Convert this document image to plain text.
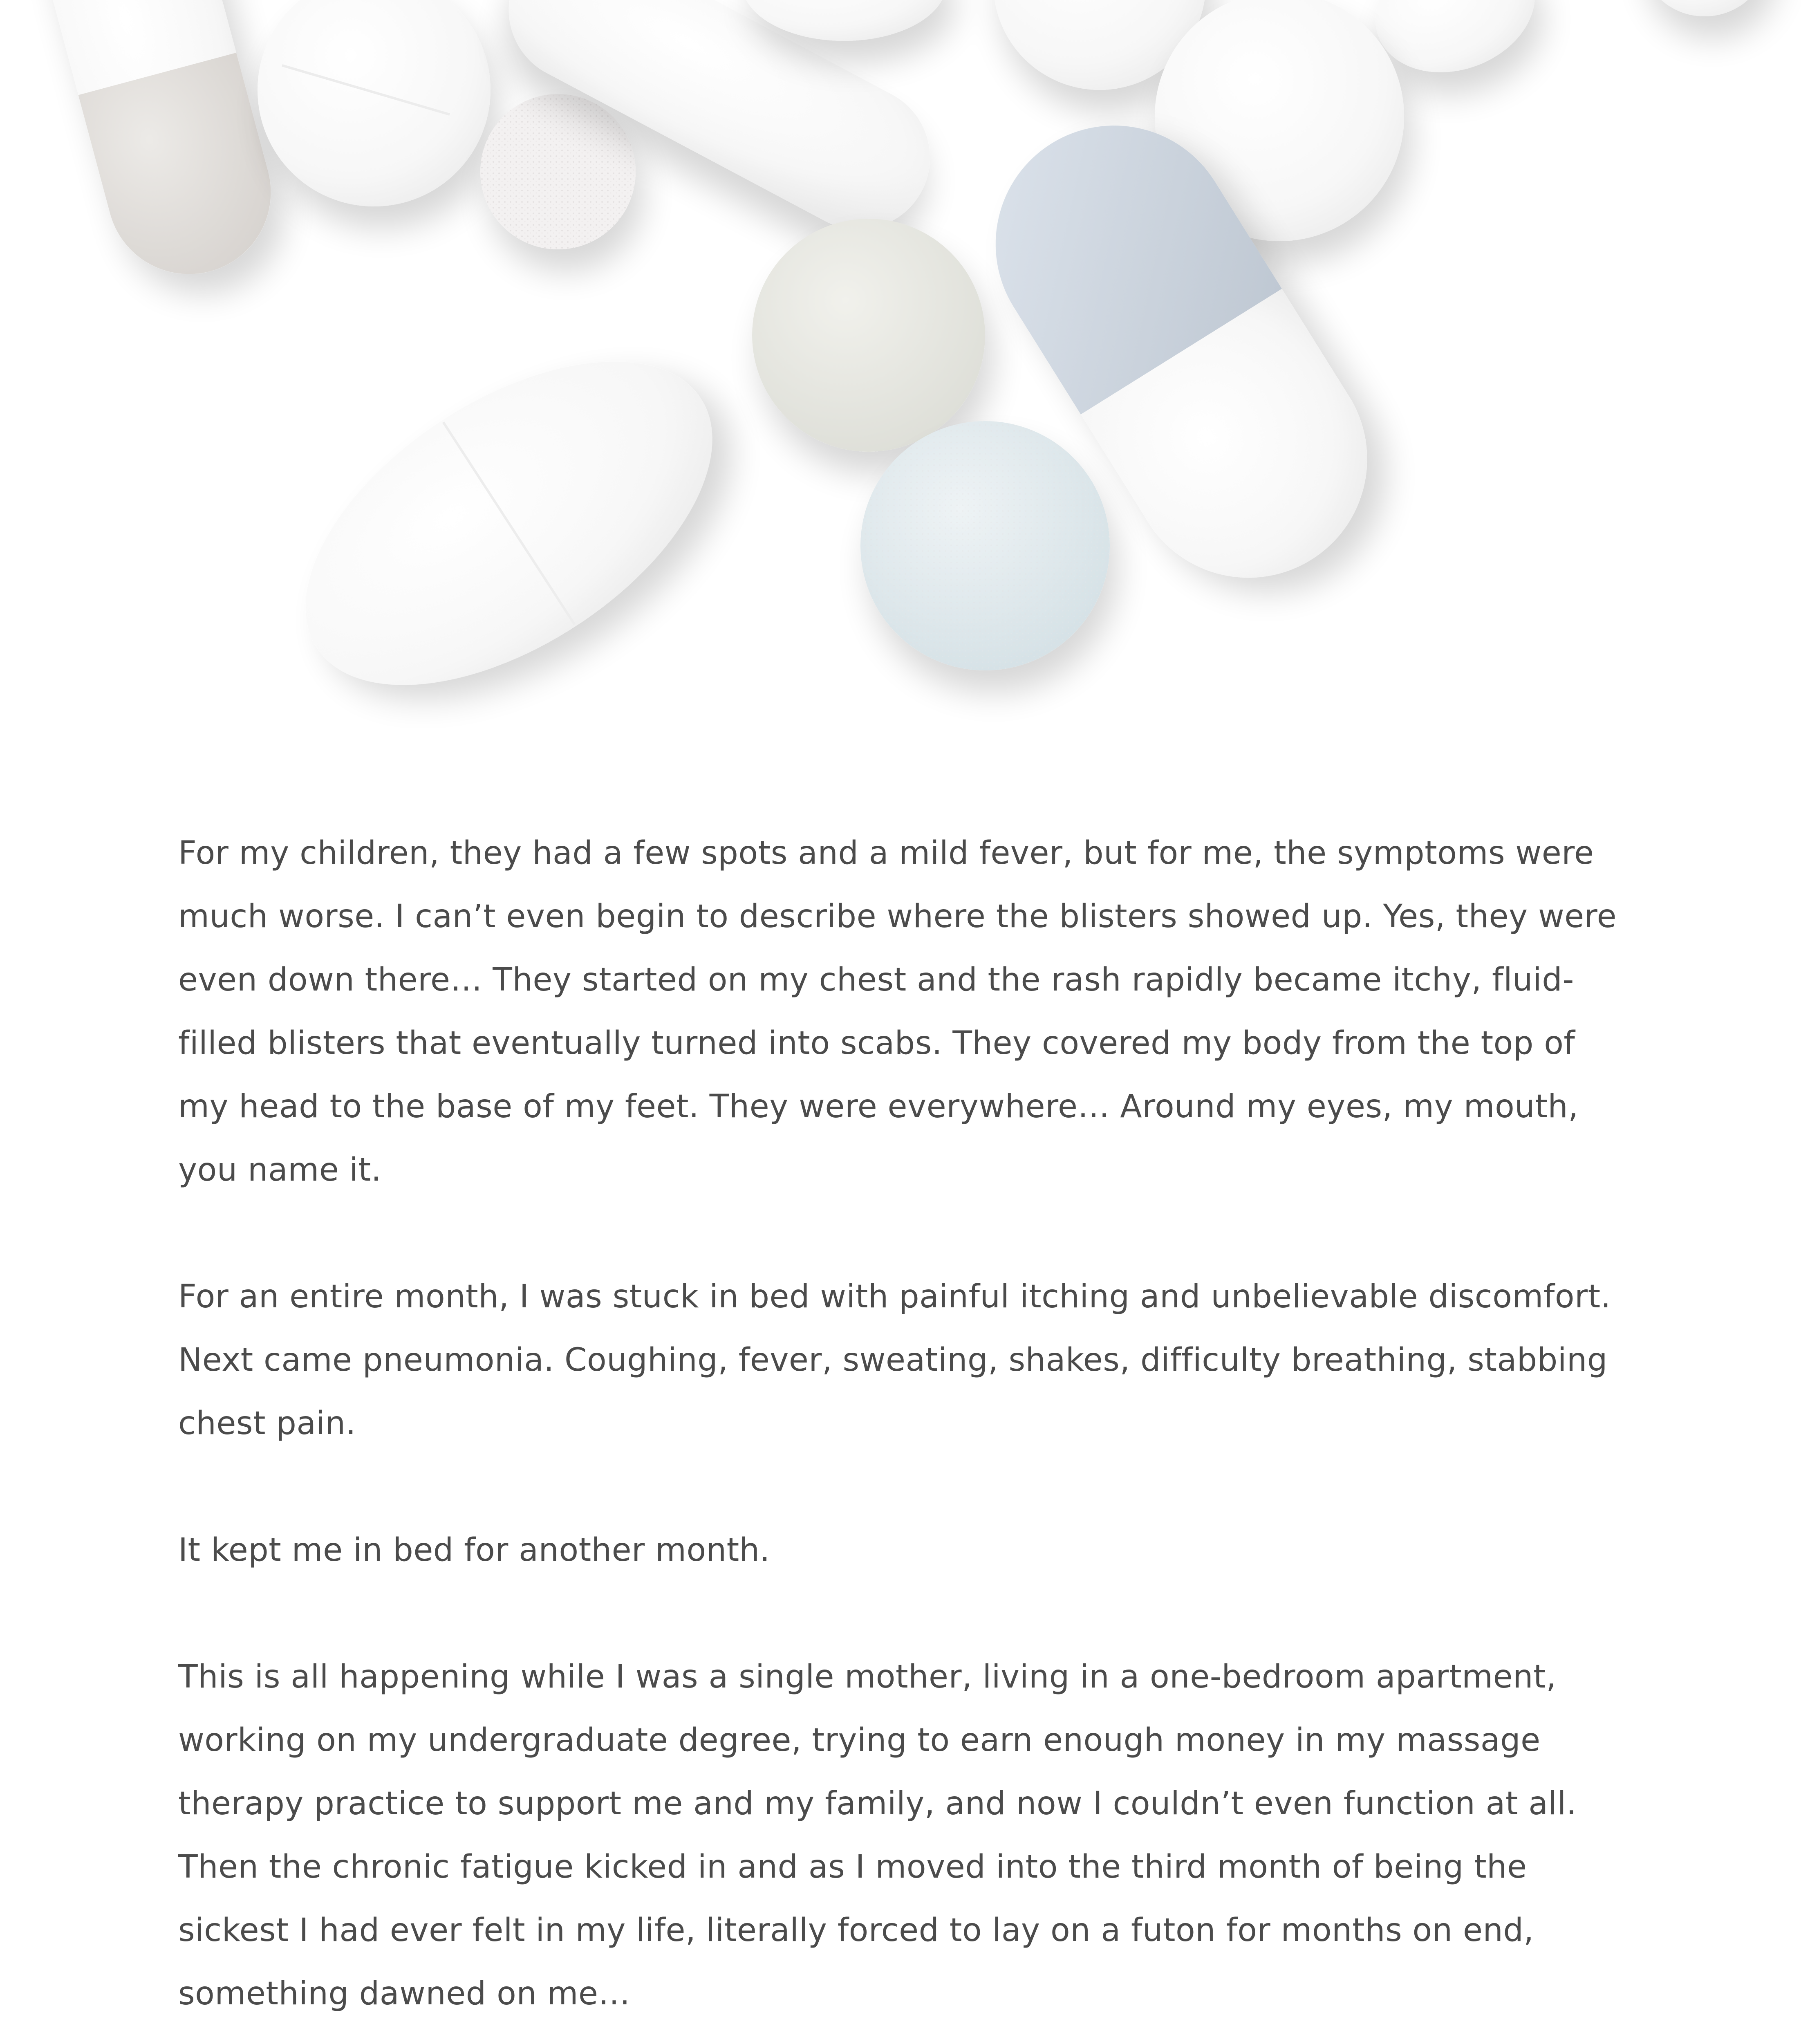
For my children, they had a few spots and a mild fever, but for me, the symptoms were much worse. I can’t even begin to describe where the blisters showed up. Yes, they were even down there… They started on my chest and the rash rapidly became itchy, fluid-filled blisters that eventually turned into scabs. They covered my body from the top of my head to the base of my feet. They were everywhere… Around my eyes, my mouth, you name it.

For an entire month, I was stuck in bed with painful itching and unbelievable discomfort. Next came pneumonia. Coughing, fever, sweating, shakes, difficulty breathing, stabbing chest pain.

It kept me in bed for another month.

This is all happening while I was a single mother, living in a one-bedroom apartment, working on my undergraduate degree, trying to earn enough money in my massage therapy practice to support me and my family, and now I couldn’t even function at all. Then the chronic fatigue kicked in and as I moved into the third month of being the sickest I had ever felt in my life, literally forced to lay on a futon for months on end, something dawned on me…
